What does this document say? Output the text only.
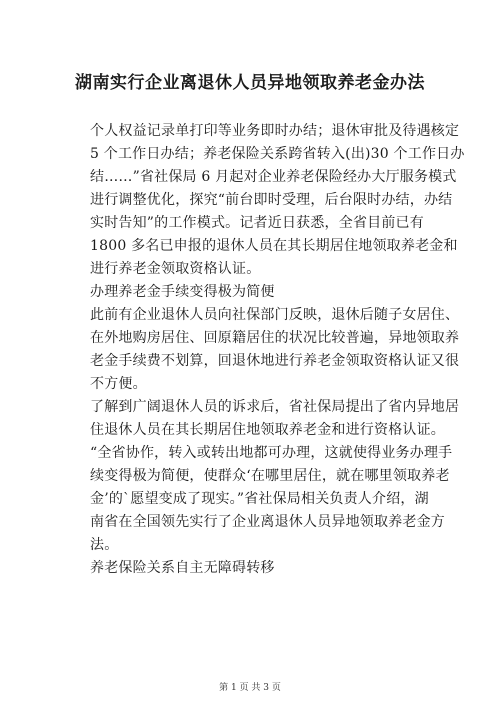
湖南实行企业离退休人员异地领取养老金办法
个人权益记录单打印等业务即时办结；退休审批及待遇核定
5 个工作日办结；养老保险关系跨省转入(出)30 个工作日办
结……”省社保局 6 月起对企业养老保险经办大厅服务模式
进行调整优化，探究“前台即时受理，后台限时办结，办结
实时告知”的工作模式。记者近日获悉，全省目前已有
1800 多名已申报的退休人员在其长期居住地领取养老金和
进行养老金领取资格认证。
办理养老金手续变得极为简便
此前有企业退休人员向社保部门反映，退休后随子女居住、
在外地购房居住、回原籍居住的状况比较普遍，异地领取养
老金手续费不划算，回退休地进行养老金领取资格认证又很
不方便。
了解到广阔退休人员的诉求后，省社保局提出了省内异地居
住退休人员在其长期居住地领取养老金和进行资格认证。
“全省协作，转入或转出地都可办理，这就使得业务办理手
续变得极为简便，使群众‘在哪里居住，就在哪里领取养老
金’的`愿望变成了现实。”省社保局相关负责人介绍，湖
南省在全国领先实行了企业离退休人员异地领取养老金方
法。
养老保险关系自主无障碍转移
第 1 页 共 3 页
